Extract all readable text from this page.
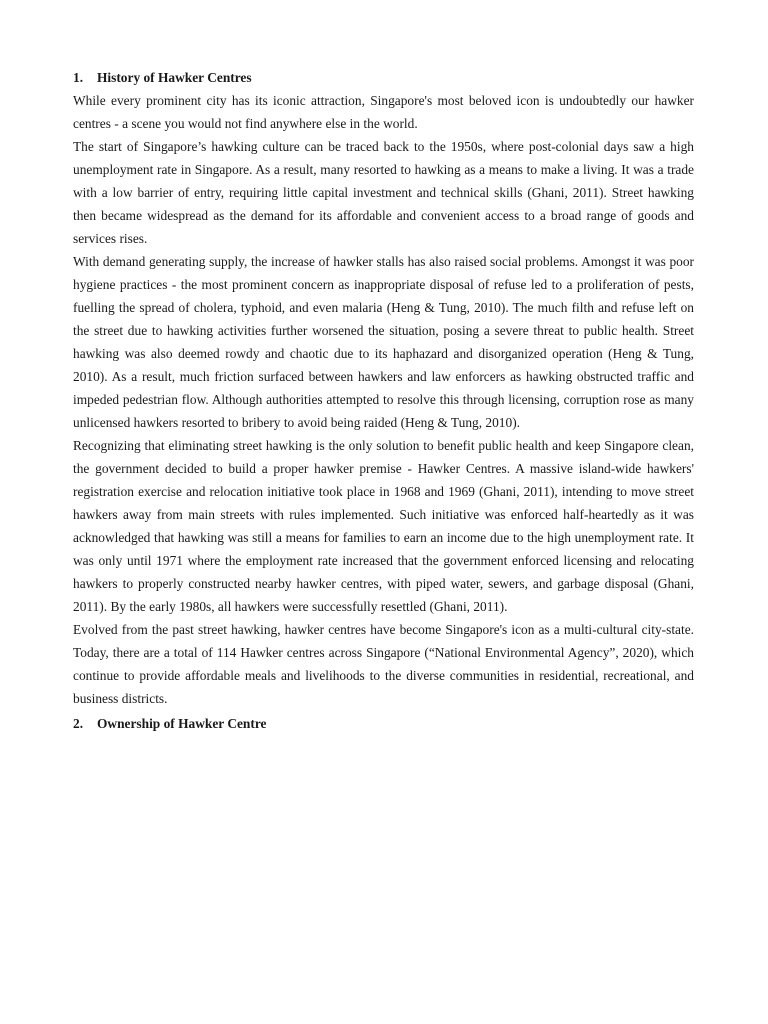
1. History of Hawker Centres

While every prominent city has its iconic attraction, Singapore's most beloved icon is undoubtedly our hawker centres - a scene you would not find anywhere else in the world.

The start of Singapore’s hawking culture can be traced back to the 1950s, where post-colonial days saw a high unemployment rate in Singapore. As a result, many resorted to hawking as a means to make a living. It was a trade with a low barrier of entry, requiring little capital investment and technical skills (Ghani, 2011). Street hawking then became widespread as the demand for its affordable and convenient access to a broad range of goods and services rises.

With demand generating supply, the increase of hawker stalls has also raised social problems. Amongst it was poor hygiene practices - the most prominent concern as inappropriate disposal of refuse led to a proliferation of pests, fuelling the spread of cholera, typhoid, and even malaria (Heng & Tung, 2010). The much filth and refuse left on the street due to hawking activities further worsened the situation, posing a severe threat to public health. Street hawking was also deemed rowdy and chaotic due to its haphazard and disorganized operation (Heng & Tung, 2010). As a result, much friction surfaced between hawkers and law enforcers as hawking obstructed traffic and impeded pedestrian flow. Although authorities attempted to resolve this through licensing, corruption rose as many unlicensed hawkers resorted to bribery to avoid being raided (Heng & Tung, 2010).

Recognizing that eliminating street hawking is the only solution to benefit public health and keep Singapore clean, the government decided to build a proper hawker premise - Hawker Centres. A massive island-wide hawkers' registration exercise and relocation initiative took place in 1968 and 1969 (Ghani, 2011), intending to move street hawkers away from main streets with rules implemented. Such initiative was enforced half-heartedly as it was acknowledged that hawking was still a means for families to earn an income due to the high unemployment rate. It was only until 1971 where the employment rate increased that the government enforced licensing and relocating hawkers to properly constructed nearby hawker centres, with piped water, sewers, and garbage disposal (Ghani, 2011). By the early 1980s, all hawkers were successfully resettled (Ghani, 2011).

Evolved from the past street hawking, hawker centres have become Singapore's icon as a multi-cultural city-state. Today, there are a total of 114 Hawker centres across Singapore (“National Environmental Agency”, 2020), which continue to provide affordable meals and livelihoods to the diverse communities in residential, recreational, and business districts.

2. Ownership of Hawker Centre
